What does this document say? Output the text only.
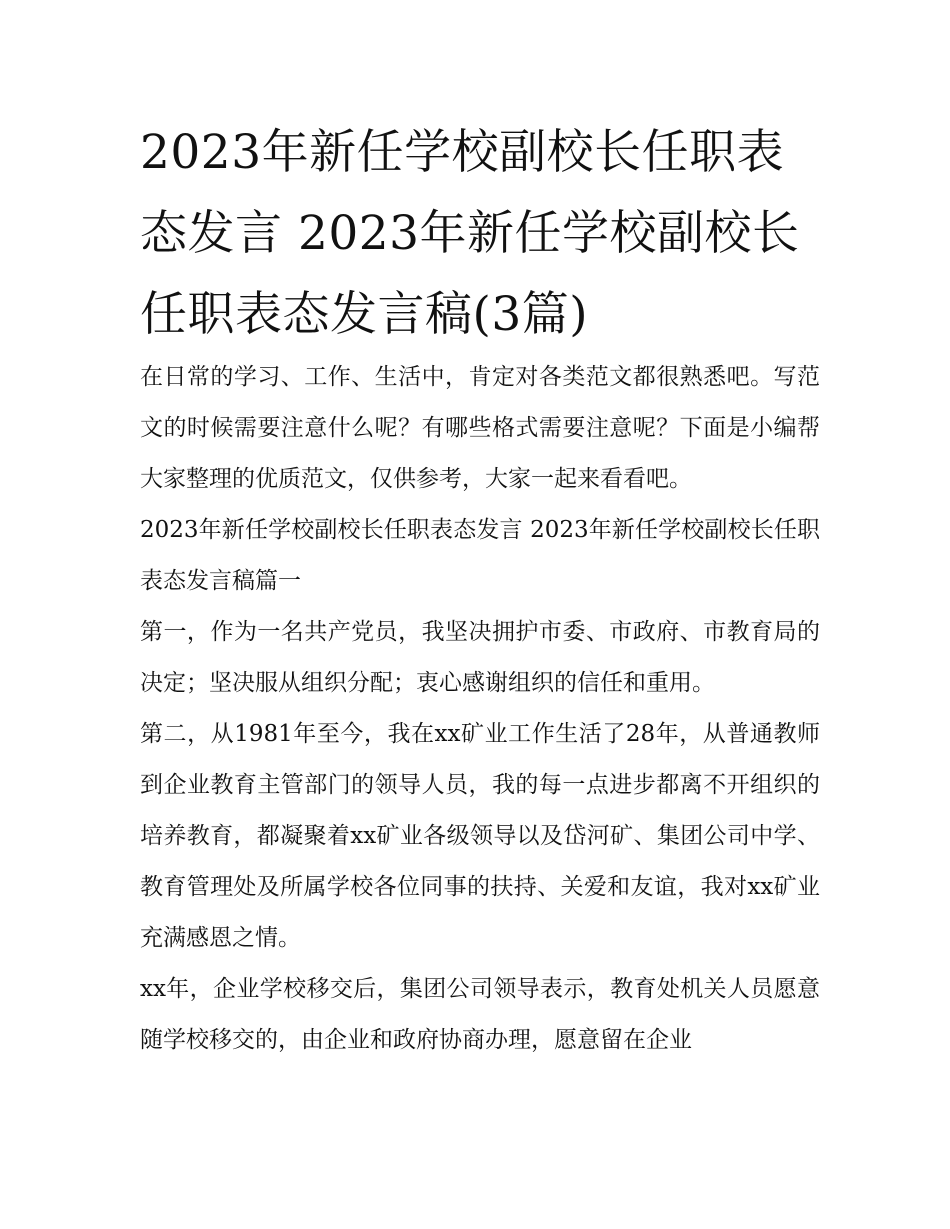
2023年新任学校副校长任职表态发言 2023年新任学校副校长任职表态发言稿(3篇)

在日常的学习、工作、生活中，肯定对各类范文都很熟悉吧。写范文的时候需要注意什么呢？有哪些格式需要注意呢？下面是小编帮大家整理的优质范文，仅供参考，大家一起来看看吧。

2023年新任学校副校长任职表态发言 2023年新任学校副校长任职表态发言稿篇一

第一，作为一名共产党员，我坚决拥护市委、市政府、市教育局的决定；坚决服从组织分配；衷心感谢组织的信任和重用。

第二，从1981年至今，我在xx矿业工作生活了28年，从普通教师到企业教育主管部门的领导人员，我的每一点进步都离不开组织的培养教育，都凝聚着xx矿业各级领导以及岱河矿、集团公司中学、教育管理处及所属学校各位同事的扶持、关爱和友谊，我对xx矿业充满感恩之情。

xx年，企业学校移交后，集团公司领导表示，教育处机关人员愿意随学校移交的，由企业和政府协商办理，愿意留在企业
